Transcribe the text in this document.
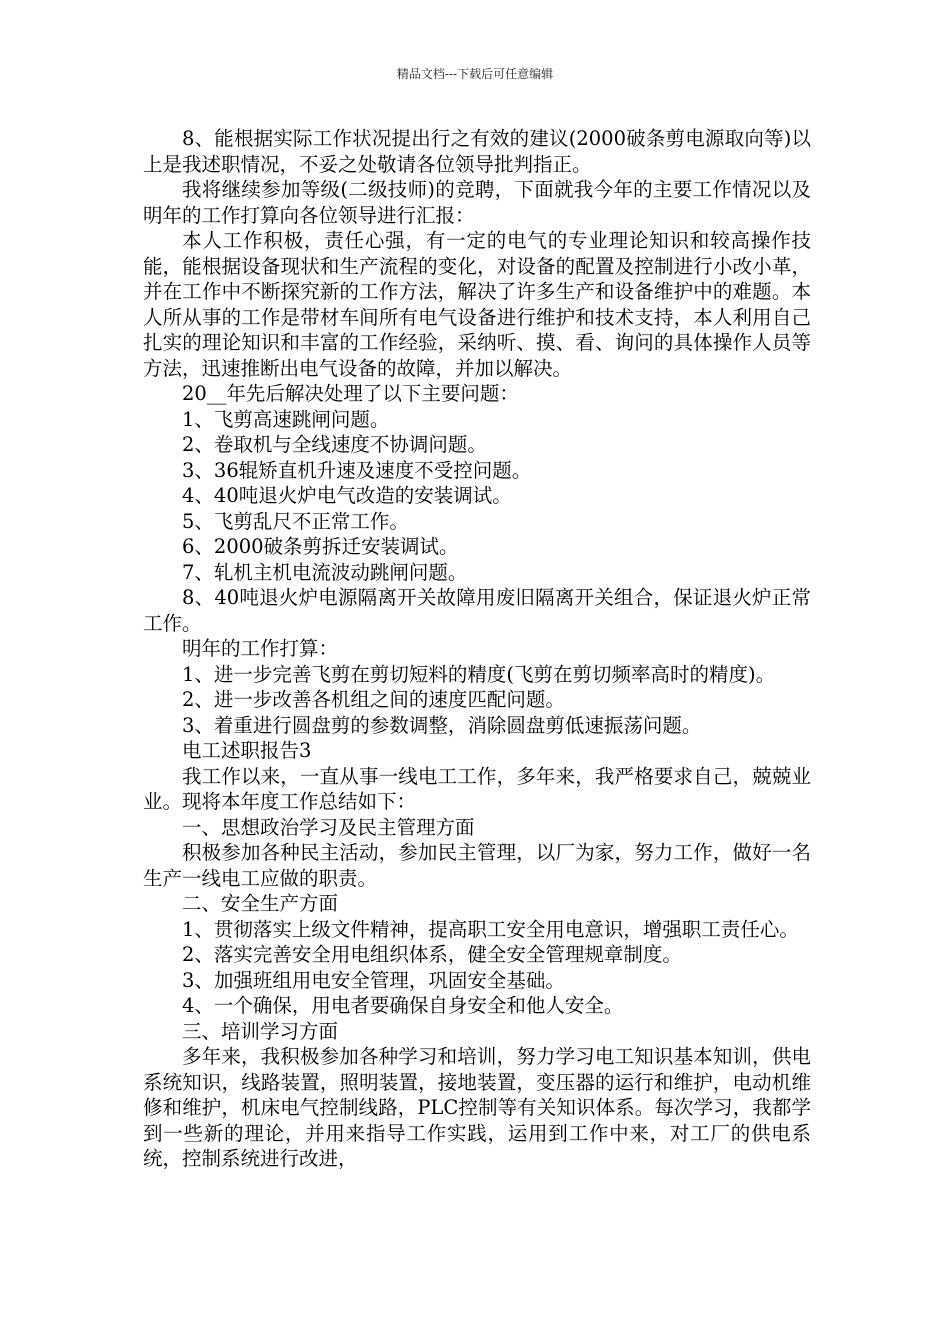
精品文档---下载后可任意编辑

8、能根据实际工作状况提出行之有效的建议(2000破条剪电源取向等)以上是我述职情况，不妥之处敬请各位领导批判指正。

我将继续参加等级(二级技师)的竞聘，下面就我今年的主要工作情况以及明年的工作打算向各位领导进行汇报：

本人工作积极，责任心强，有一定的电气的专业理论知识和较高操作技能，能根据设备现状和生产流程的变化，对设备的配置及控制进行小改小革，并在工作中不断探究新的工作方法，解决了许多生产和设备维护中的难题。本人所从事的工作是带材车间所有电气设备进行维护和技术支持，本人利用自己扎实的理论知识和丰富的工作经验，采纳听、摸、看、询问的具体操作人员等方法，迅速推断出电气设备的故障，并加以解决。

20__年先后解决处理了以下主要问题：

1、飞剪高速跳闸问题。

2、卷取机与全线速度不协调问题。

3、36辊矫直机升速及速度不受控问题。

4、40吨退火炉电气改造的安装调试。

5、飞剪乱尺不正常工作。

6、2000破条剪拆迁安装调试。

7、轧机主机电流波动跳闸问题。

8、40吨退火炉电源隔离开关故障用废旧隔离开关组合，保证退火炉正常工作。

明年的工作打算：

1、进一步完善飞剪在剪切短料的精度(飞剪在剪切频率高时的精度)。

2、进一步改善各机组之间的速度匹配问题。

3、着重进行圆盘剪的参数调整，消除圆盘剪低速振荡问题。

电工述职报告3

我工作以来，一直从事一线电工工作，多年来，我严格要求自己，兢兢业业。现将本年度工作总结如下：

一、思想政治学习及民主管理方面

积极参加各种民主活动，参加民主管理，以厂为家，努力工作，做好一名生产一线电工应做的职责。

二、安全生产方面

1、贯彻落实上级文件精神，提高职工安全用电意识，增强职工责任心。

2、落实完善安全用电组织体系，健全安全管理规章制度。

3、加强班组用电安全管理，巩固安全基础。

4、一个确保，用电者要确保自身安全和他人安全。

三、培训学习方面

多年来，我积极参加各种学习和培训，努力学习电工知识基本知训，供电系统知识，线路装置，照明装置，接地装置，变压器的运行和维护，电动机维修和维护，机床电气控制线路，PLC控制等有关知识体系。每次学习，我都学到一些新的理论，并用来指导工作实践，运用到工作中来，对工厂的供电系统，控制系统进行改进，
